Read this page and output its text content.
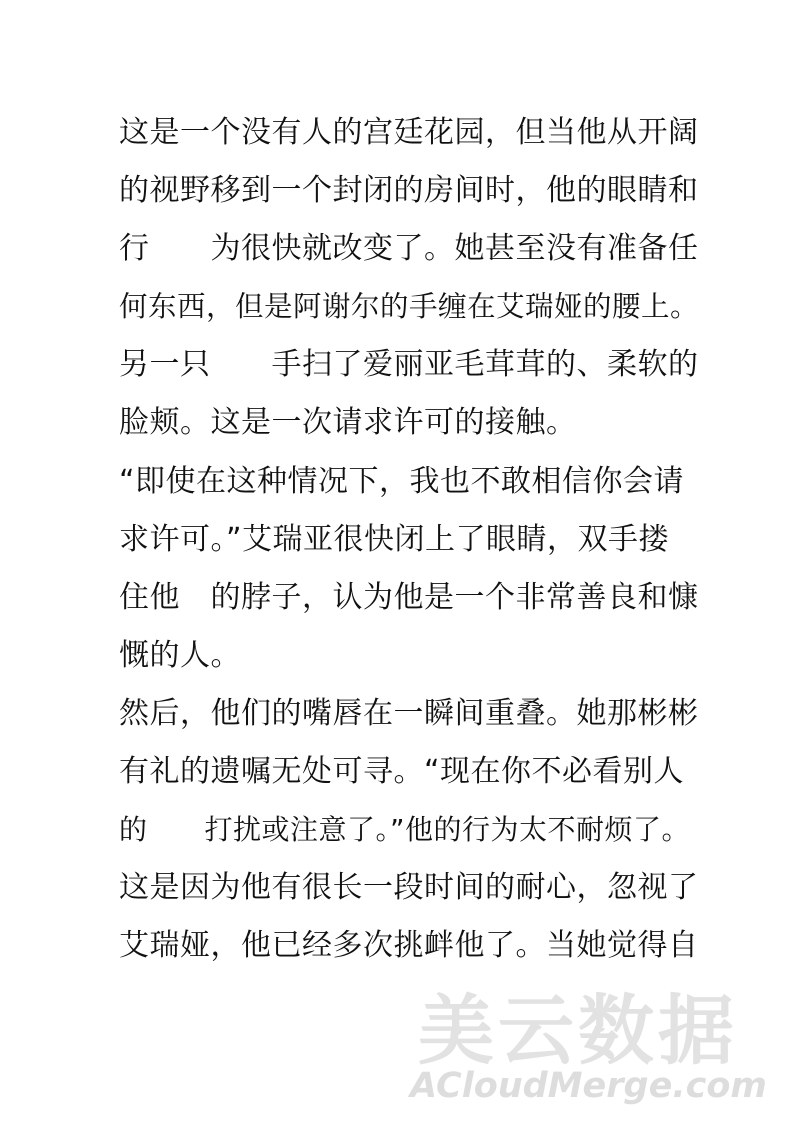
这是一个没有人的宫廷花园，但当他从开阔
的视野移到一个封闭的房间时，他的眼睛和
行　　为很快就改变了。她甚至没有准备任
何东西，但是阿谢尔的手缠在艾瑞娅的腰上。
另一只　　手扫了爱丽亚毛茸茸的、柔软的
脸颊。这是一次请求许可的接触。
“即使在这种情况下，我也不敢相信你会请
求许可。”艾瑞亚很快闭上了眼睛，双手搂
住他　的脖子，认为他是一个非常善良和慷
慨的人。
然后，他们的嘴唇在一瞬间重叠。她那彬彬
有礼的遗嘱无处可寻。“现在你不必看别人
的　　打扰或注意了。”他的行为太不耐烦了。
这是因为他有很长一段时间的耐心，忽视了
艾瑞娅，他已经多次挑衅他了。当她觉得自
美云数据
ACloudMerge.com
